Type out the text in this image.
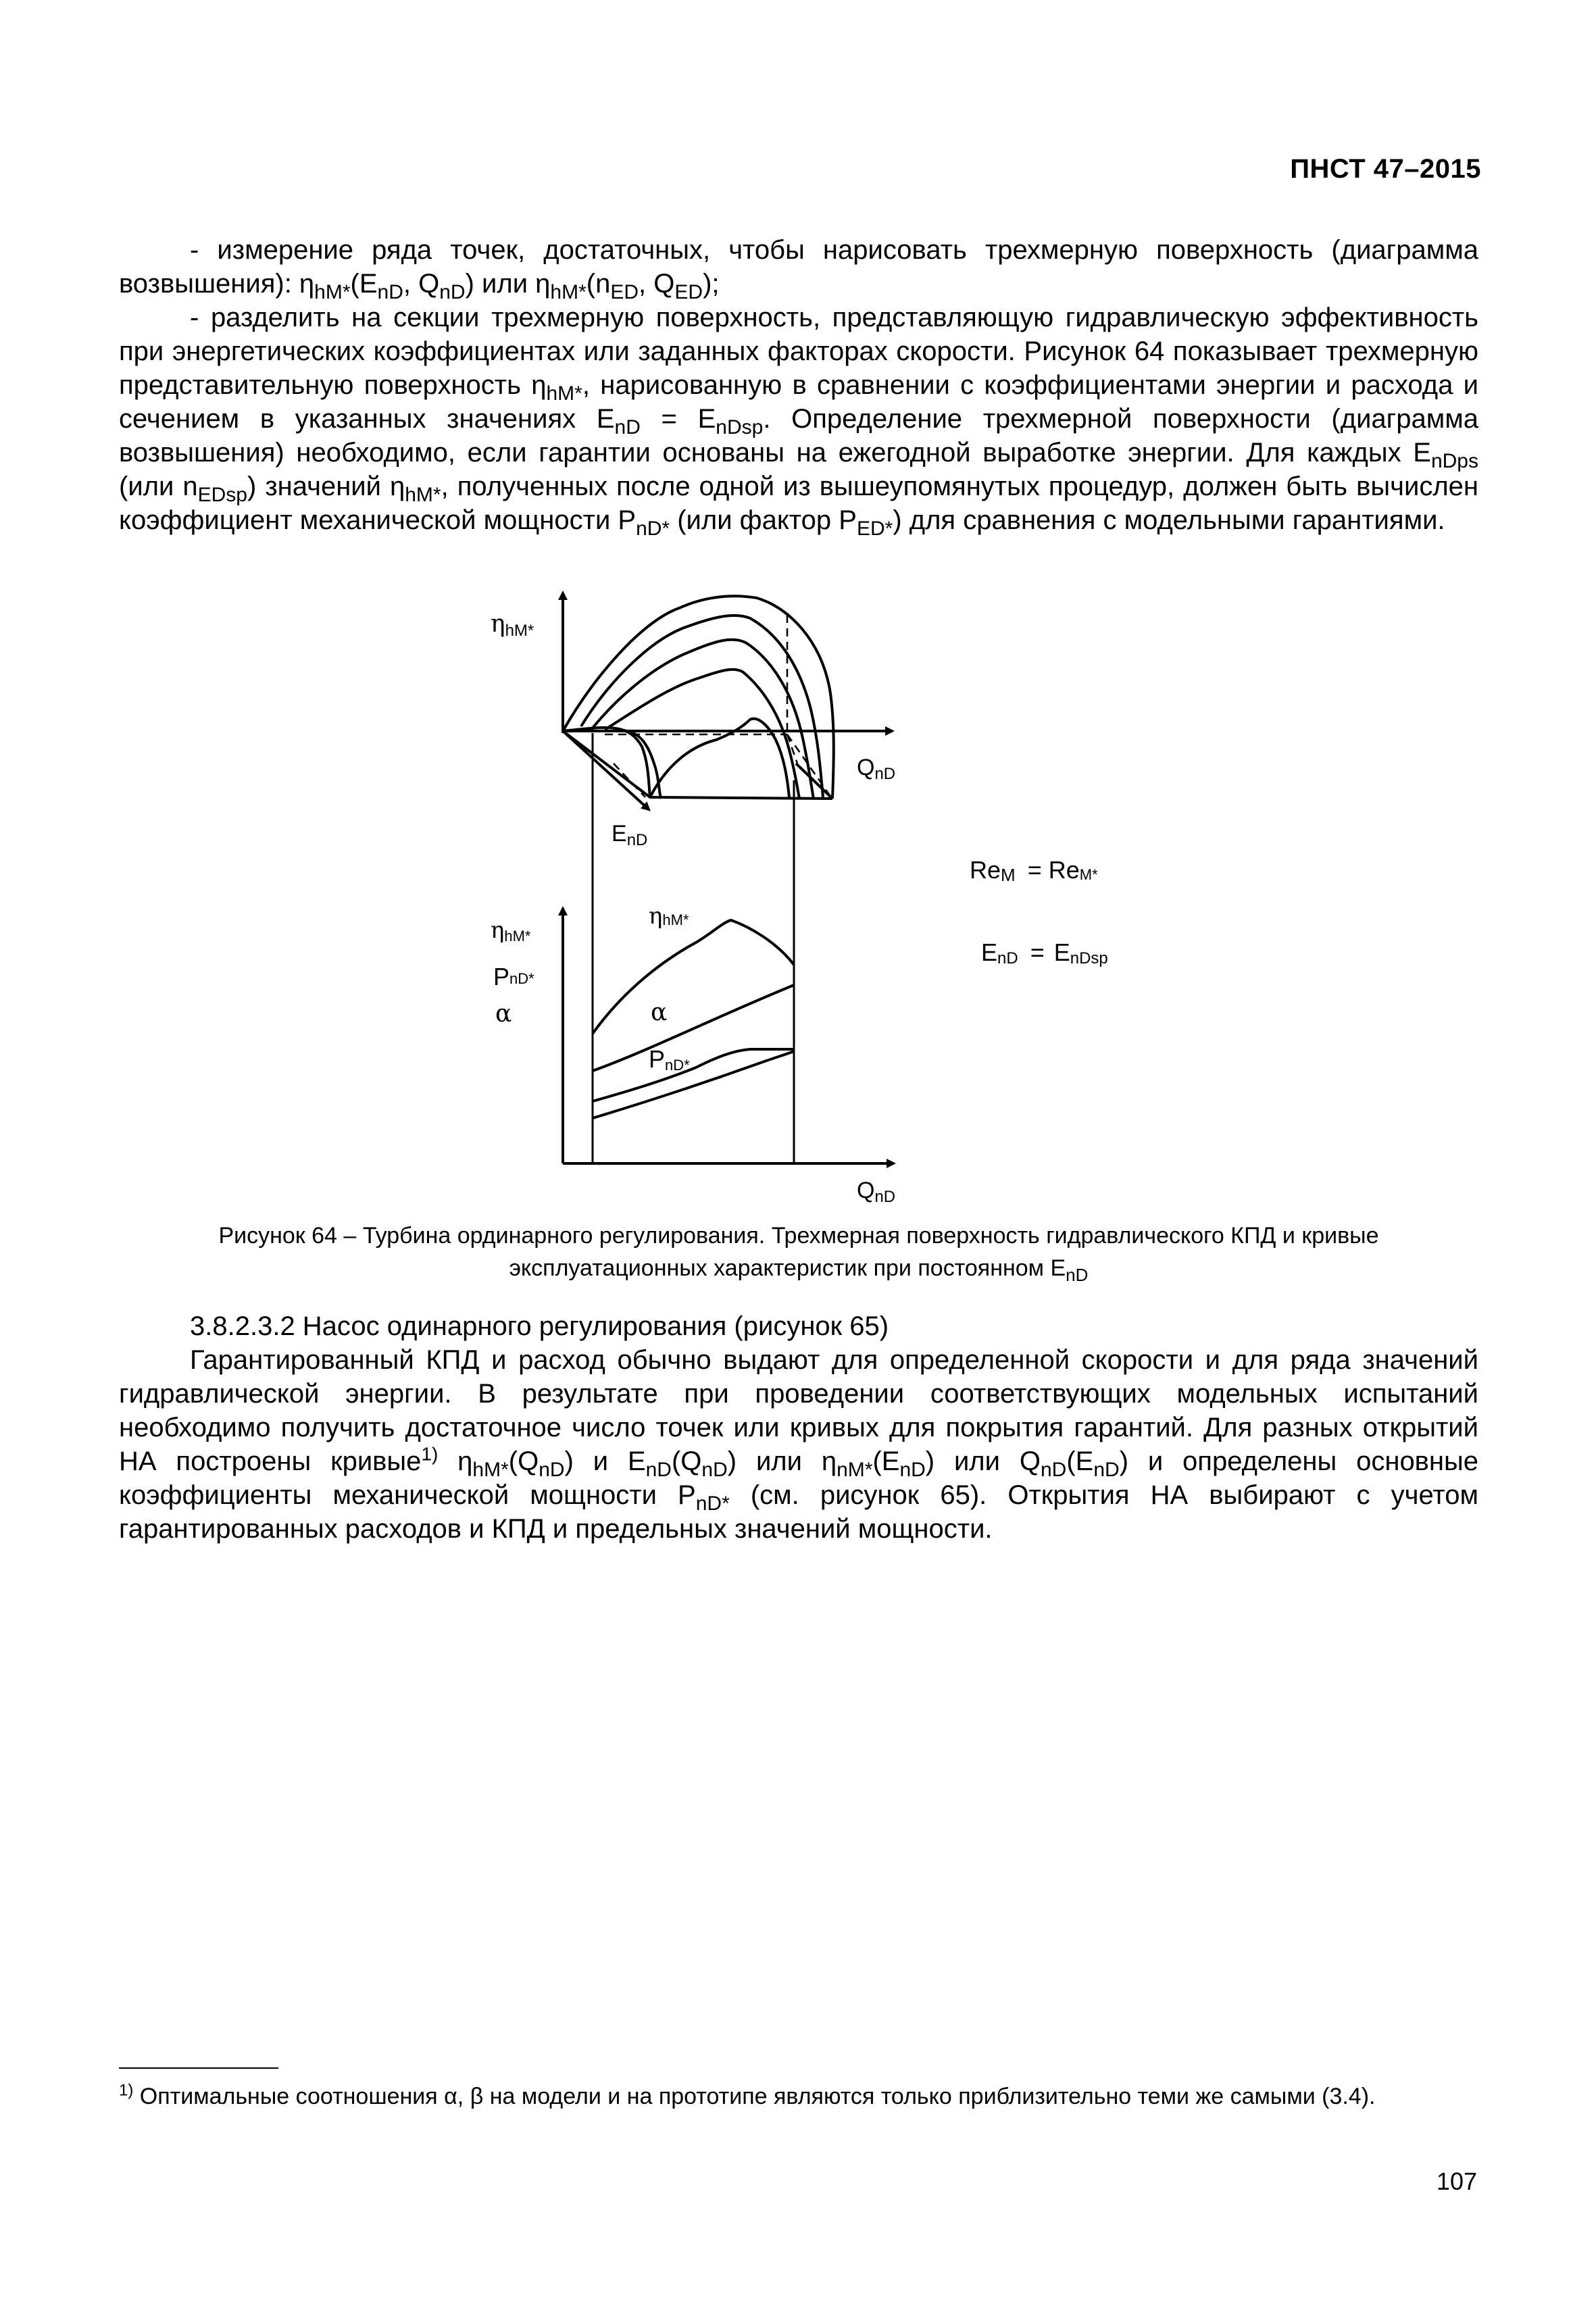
ПНСТ 47–2015
- измерение ряда точек, достаточных, чтобы нарисовать трехмерную поверхность (диаграмма возвышения): $\eta_{hM*}(E_{nD}$, $Q_{nD}$) или $\eta_{hM*}(n_{ED}$, $Q_{ED}$);
- разделить на секции трехмерную поверхность, представляющую гидравлическую эффективность при энергетических коэффициентах или заданных факторах скорости. Рисунок 64 показывает трехмерную представительную поверхность $\eta_{hM*}$, нарисованную в сравнении с коэффициентами энергии и расхода и сечением в указанных значениях $E_{nD} = E_{nDsp}$. Определение трехмерной поверхности (диаграмма возвышения) необходимо, если гарантии основаны на ежегодной выработке энергии. Для каждых $E_{nDps}$ (или $n_{EDsp}$) значений $\eta_{hM*}$, полученных после одной из вышеупомянутых процедур, должен быть вычислен коэффициент механической мощности $P_{nD*}$ (или фактор $P_{ED*}$) для сравнения с модельными гарантиями.
ηhM*
QnD
EnD
ηhM*
PnD*
α
ηhM*
α
PnD*
QnD
ReM = ReM*
EnD = EnDsp
Рисунок 64 – Турбина ординарного регулирования. Трехмерная поверхность гидравлического КПД и кривые
эксплуатационных характеристик при постоянном $E_{nD}$
3.8.2.3.2 Насос одинарного регулирования (рисунок 65)
Гарантированный КПД и расход обычно выдают для определенной скорости и для ряда значений гидравлической энергии. В результате при проведении соответствующих модельных испытаний необходимо получить достаточное число точек или кривых для покрытия гарантий. Для разных открытий НА построены кривые$^{1)}$ $\eta_{hM*}(Q_{nD})$ и $E_{nD}(Q_{nD})$ или $\eta_{nM*}(E_{nD})$ или $Q_{nD}(E_{nD})$ и определены основные коэффициенты механической мощности $P_{nD*}$ (см. рисунок 65). Открытия НА выбирают с учетом гарантированных расходов и КПД и предельных значений мощности.
$^{1)}$ Оптимальные соотношения α, β на модели и на прототипе являются только приблизительно теми же самыми (3.4).
107
